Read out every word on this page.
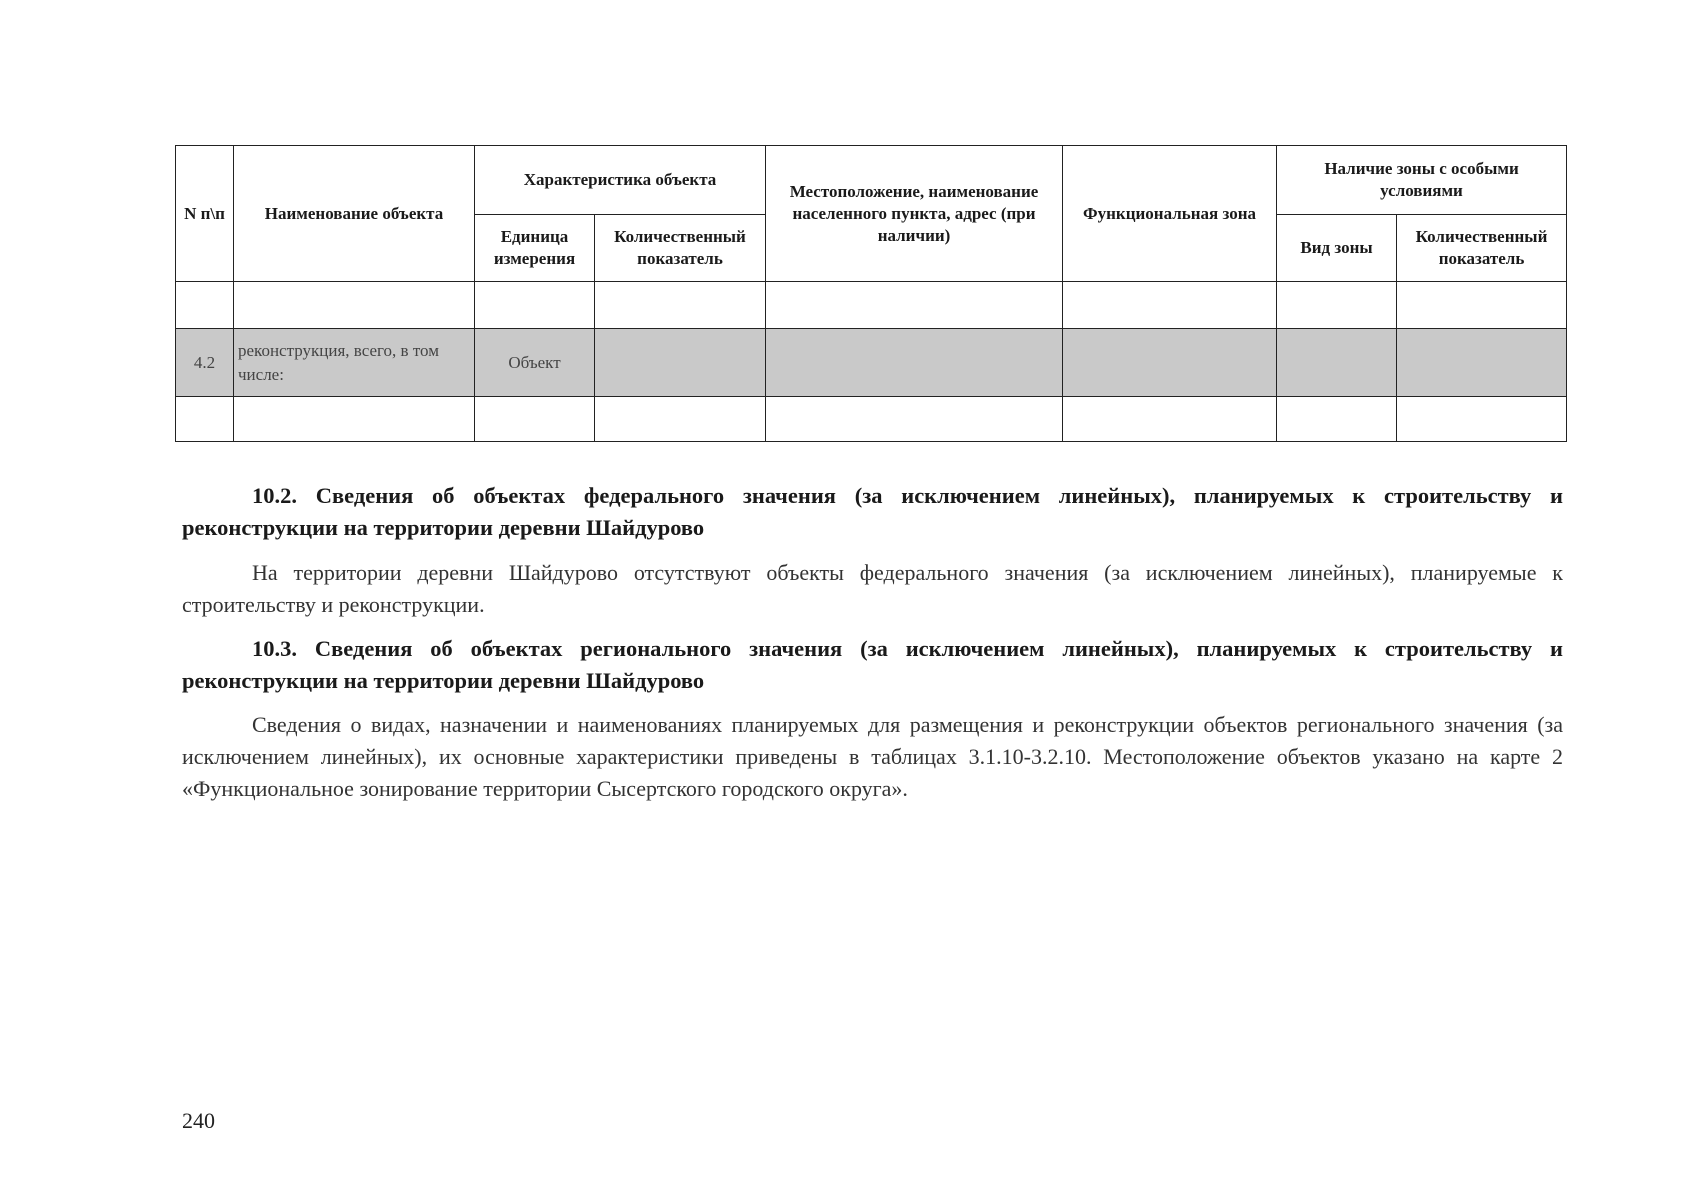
N п\п	Наименование объекта	Характеристика объекта		Местоположение, наименование населенного пункта, адрес (при наличии)	Функциональная зона	Наличие зоны с особыми условиями	
		Единица измерения	Количественный показатель			Вид зоны	Количественный показатель

4.2	реконструкция, всего, в том числе:	Объект					

10.2. Сведения об объектах федерального значения (за исключением линейных), планируемых к строительству и реконструкции на территории деревни Шайдурово

На территории деревни Шайдурово отсутствуют объекты федерального значения (за исключением линейных), планируемые к строительству и реконструкции.

10.3. Сведения об объектах регионального значения (за исключением линейных), планируемых к строительству и реконструкции на территории деревни Шайдурово

Сведения о видах, назначении и наименованиях планируемых для размещения и реконструкции объектов регионального значения (за исключением линейных), их основные характеристики приведены в таблицах 3.1.10-3.2.10. Местоположение объектов указано на карте 2 «Функциональное зонирование территории Сысертского городского округа».

240
